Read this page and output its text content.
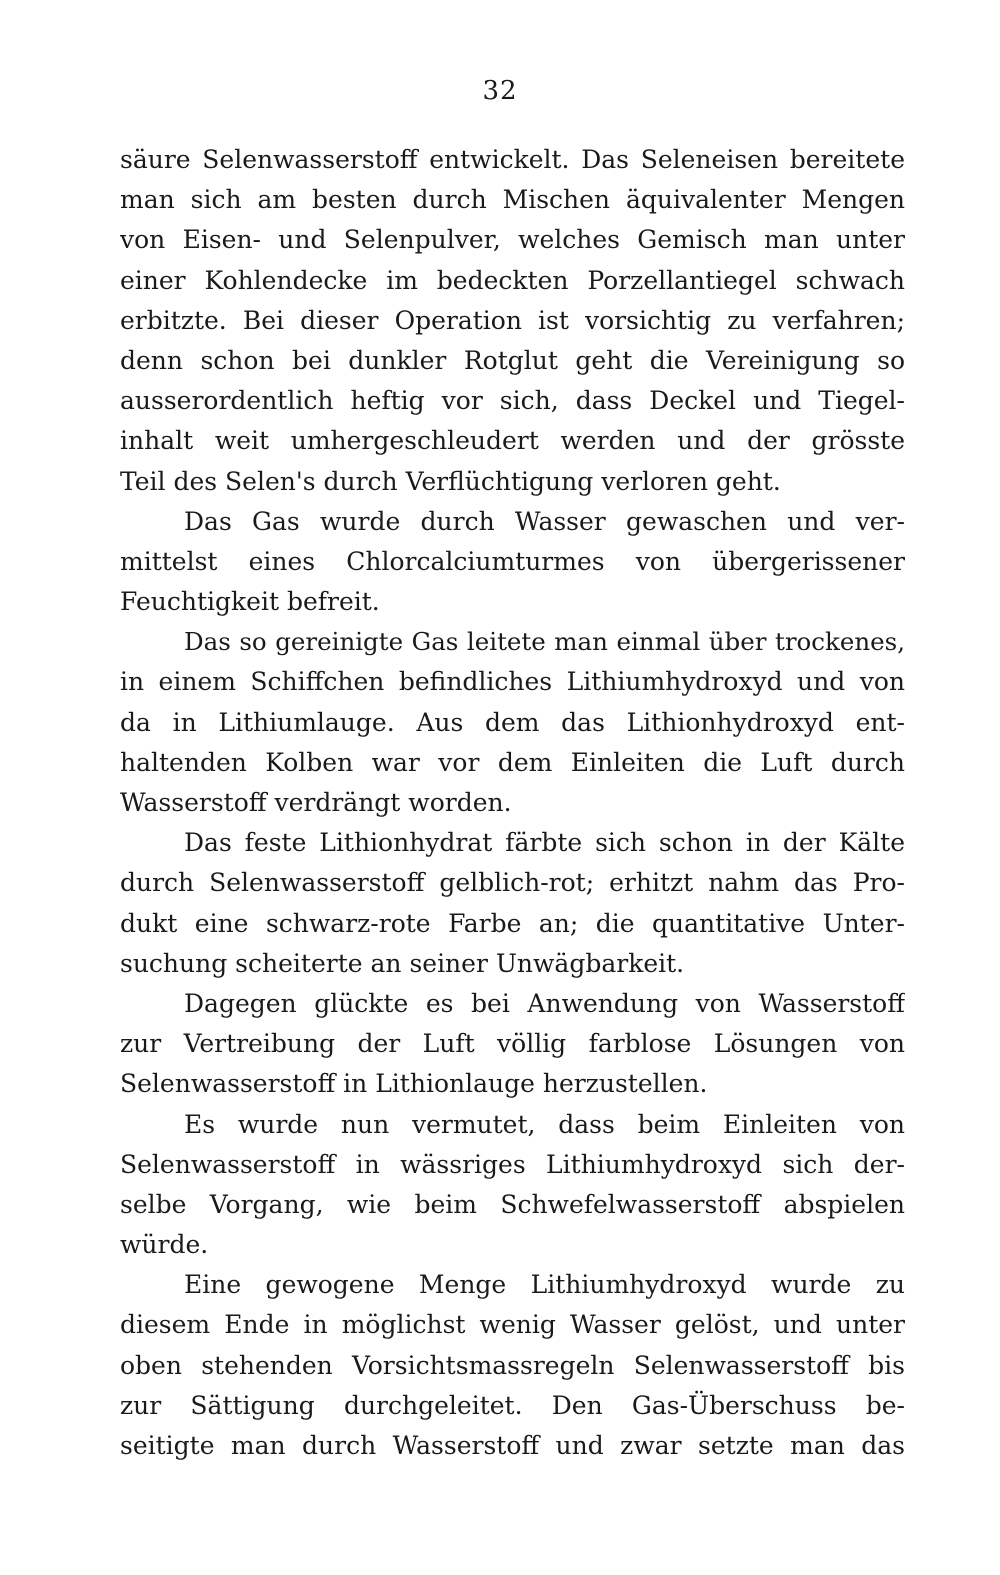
32
säure Selenwasserstoff entwickelt. Das Seleneisen bereitete
man sich am besten durch Mischen äquivalenter Mengen
von Eisen- und Selenpulver, welches Gemisch man unter
einer Kohlendecke im bedeckten Porzellantiegel schwach
erbitzte. Bei dieser Operation ist vorsichtig zu verfahren;
denn schon bei dunkler Rotglut geht die Vereinigung so
ausserordentlich heftig vor sich, dass Deckel und Tiegel-
inhalt weit umhergeschleudert werden und der grösste
Teil des Selen's durch Verflüchtigung verloren geht.
Das Gas wurde durch Wasser gewaschen und ver-
mittelst eines Chlorcalciumturmes von übergerissener
Feuchtigkeit befreit.
Das so gereinigte Gas leitete man einmal über trockenes,
in einem Schiffchen befindliches Lithiumhydroxyd und von
da in Lithiumlauge. Aus dem das Lithionhydroxyd ent-
haltenden Kolben war vor dem Einleiten die Luft durch
Wasserstoff verdrängt worden.
Das feste Lithionhydrat färbte sich schon in der Kälte
durch Selenwasserstoff gelblich-rot; erhitzt nahm das Pro-
dukt eine schwarz-rote Farbe an; die quantitative Unter-
suchung scheiterte an seiner Unwägbarkeit.
Dagegen glückte es bei Anwendung von Wasserstoff
zur Vertreibung der Luft völlig farblose Lösungen von
Selenwasserstoff in Lithionlauge herzustellen.
Es wurde nun vermutet, dass beim Einleiten von
Selenwasserstoff in wässriges Lithiumhydroxyd sich der-
selbe Vorgang, wie beim Schwefelwasserstoff abspielen
würde.
Eine gewogene Menge Lithiumhydroxyd wurde zu
diesem Ende in möglichst wenig Wasser gelöst, und unter
oben stehenden Vorsichtsmassregeln Selenwasserstoff bis
zur Sättigung durchgeleitet. Den Gas-Überschuss be-
seitigte man durch Wasserstoff und zwar setzte man das
